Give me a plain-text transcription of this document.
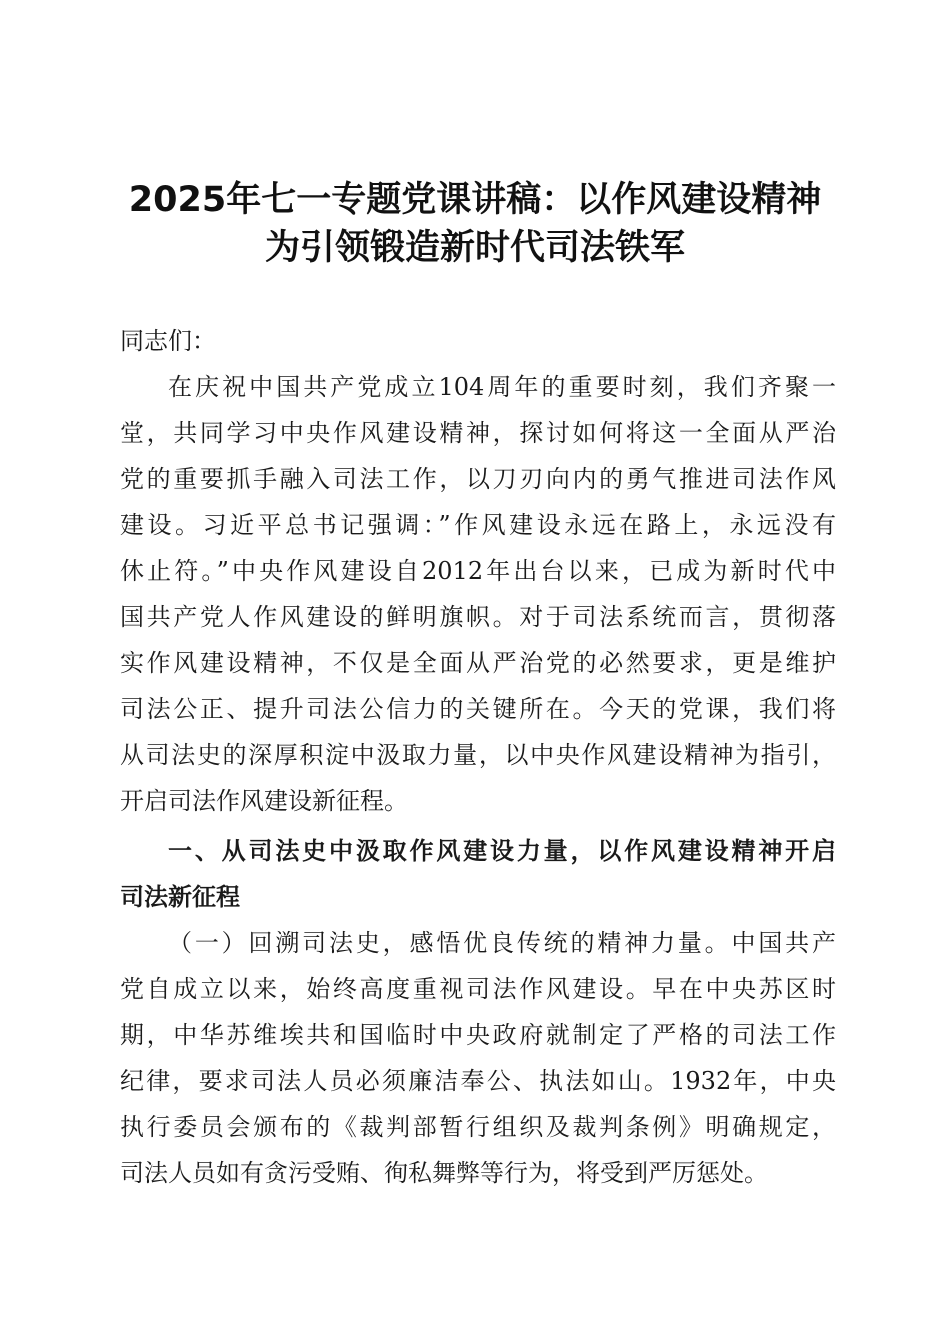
2025年七一专题党课讲稿：以作风建设精神
为引领锻造新时代司法铁军

同志们：

在庆祝中国共产党成立104周年的重要时刻，我们齐聚一
堂，共同学习中央作风建设精神，探讨如何将这一全面从严治
党的重要抓手融入司法工作，以刀刃向内的勇气推进司法作风
建设。习近平总书记强调：”作风建设永远在路上，永远没有
休止符。”中央作风建设自2012年出台以来，已成为新时代中
国共产党人作风建设的鲜明旗帜。对于司法系统而言，贯彻落
实作风建设精神，不仅是全面从严治党的必然要求，更是维护
司法公正、提升司法公信力的关键所在。今天的党课，我们将
从司法史的深厚积淀中汲取力量，以中央作风建设精神为指引，
开启司法作风建设新征程。

一、从司法史中汲取作风建设力量，以作风建设精神开启
司法新征程

（一）回溯司法史，感悟优良传统的精神力量。中国共产
党自成立以来，始终高度重视司法作风建设。早在中央苏区时
期，中华苏维埃共和国临时中央政府就制定了严格的司法工作
纪律，要求司法人员必须廉洁奉公、执法如山。1932年，中央
执行委员会颁布的《裁判部暂行组织及裁判条例》明确规定，
司法人员如有贪污受贿、徇私舞弊等行为，将受到严厉惩处。
